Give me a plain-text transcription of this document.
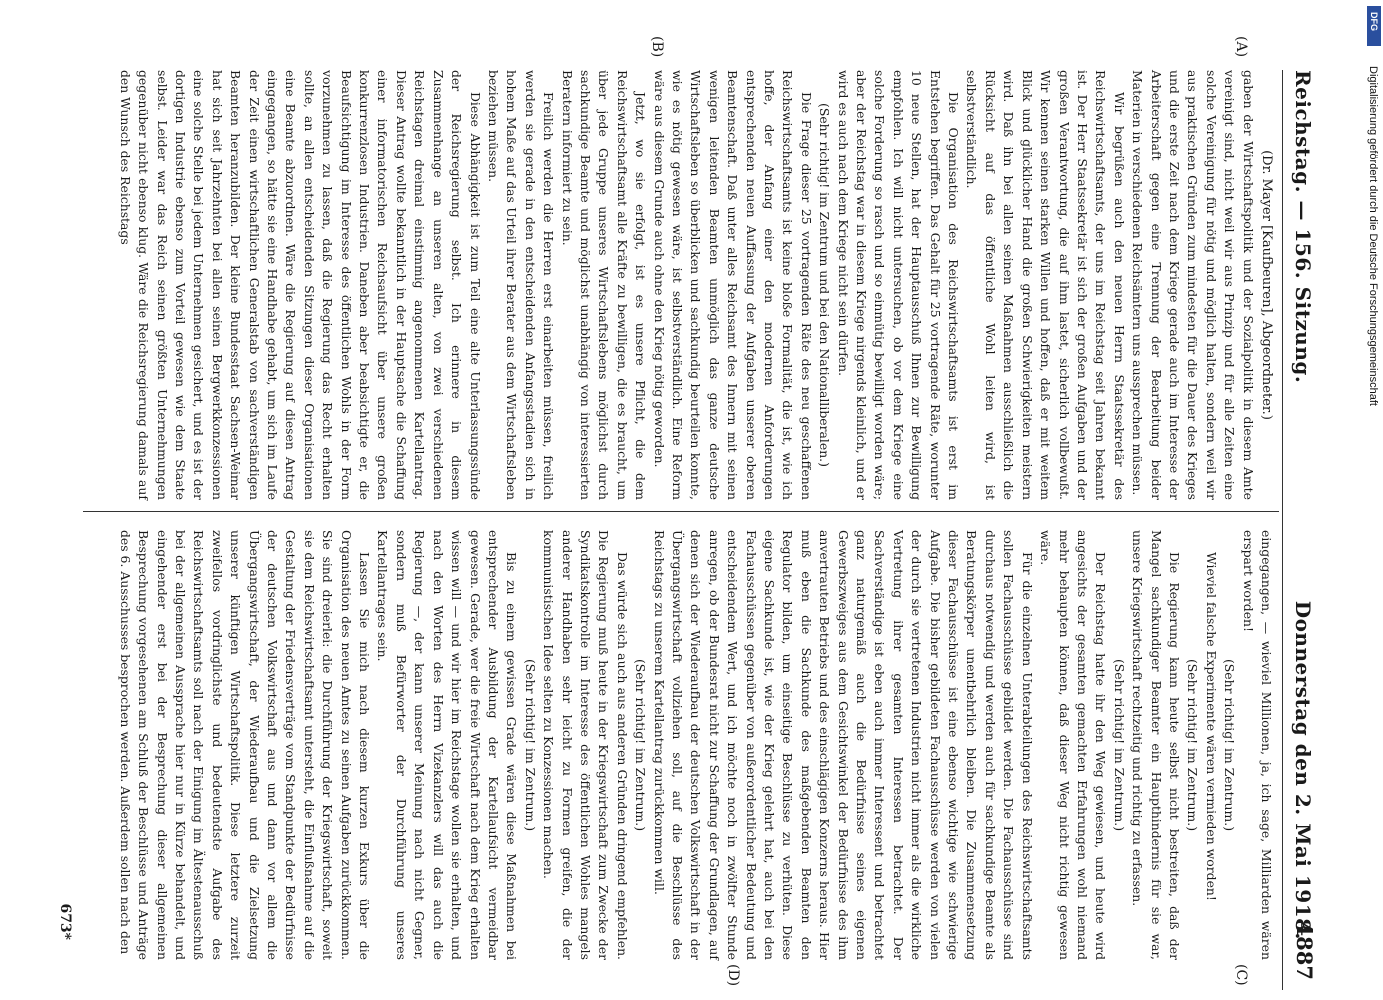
Reichstag. — 156. Sitzung.
Donnerstag den 2. Mai 1918.
4887
(A)
(B)
(C)
(D)

(Dr. Mayer [Kaufbeuren], Abgeordneter.)

gaben der Wirtschaftspolitik und der Sozialpolitik in diesem Amte vereinigt sind, nicht weil wir aus Prinzip und für alle Zeiten eine solche Vereinigung für nötig und möglich halten, sondern weil wir aus praktischen Gründen zum mindesten für die Dauer des Krieges und die erste Zeit nach dem Kriege gerade auch im Interesse der Arbeiterschaft gegen eine Trennung der Bearbeitung beider Materien in verschiedenen Reichsämtern uns aussprechen müssen.

Wir begrüßen auch den neuen Herrn Staatssekretär des Reichswirtschaftsamts, der uns im Reichstag seit Jahren bekannt ist. Der Herr Staatssekretär ist sich der großen Aufgaben und der großen Verantwortung, die auf ihm lastet, sicherlich vollbewußt. Wir kennen seinen starken Willen und hoffen, daß er mit weitem Blick und glücklicher Hand die großen Schwierigkeiten meistern wird. Daß ihn bei allen seinen Maßnahmen ausschließlich die Rücksicht auf das öffentliche Wohl leiten wird, ist selbstverständlich.

Die Organisation des Reichswirtschaftsamts ist erst im Entstehen begriffen. Das Gehalt für 25 vortragende Räte, worunter 10 neue Stellen, hat der Hauptausschuß Ihnen zur Bewilligung empfohlen. Ich will nicht untersuchen, ob vor dem Kriege eine solche Forderung so rasch und so einmütig bewilligt worden wäre; aber der Reichstag war in diesem Kriege nirgends kleinlich, und er wird es auch nach dem Kriege nicht sein dürfen.

(Sehr richtig! im Zentrum und bei den Nationalliberalen.)

Die Frage dieser 25 vortragenden Räte des neu geschaffenen Reichswirtschaftsamts ist keine bloße Formalität, die ist, wie ich hoffe, der Anfang einer den modernen Anforderungen entsprechenden neuen Auffassung der Aufgaben unserer oberen Beamtenschaft. Daß unter alles Reichsamt des Innern mit seinen wenigen leitenden Beamten unmöglich das ganze deutsche Wirtschaftsleben so überblicken und sachkundig beurteilen konnte, wie es nötig gewesen wäre, ist selbstverständlich. Eine Reform wäre aus diesem Grunde auch ohne den Krieg nötig geworden.

Jetzt, wo sie erfolgt, ist es unsere Pflicht, die dem Reichswirtschaftsamt alle Kräfte zu bewilligen, die es braucht, um über jede Gruppe unseres Wirtschaftslebens möglichst durch sachkundige Beamte und möglichst unabhängig von interessierten Beratern informiert zu sein.

Freilich werden die Herren erst einarbeiten müssen, freilich werden sie gerade in den entscheidenden Anfangsstadien sich in hohem Maße auf das Urteil ihrer Berater aus dem Wirtschaftsleben beziehen müssen.

Diese Abhängigkeit ist zum Teil eine alte Unterlassungssünde der Reichsregierung selbst. Ich erinnere in diesem Zusammenhange an unseren alten, von zwei verschiedenen Reichstagen dreimal einstimmig angenommenen Kartellantrag. Dieser Antrag wollte bekanntlich in der Hauptsache die Schaffung einer informatorischen Reichsaufsicht über unsere großen konkurrenzlosen Industrien. Daneben aber beabsichtigte er, die Beaufsichtigung im Interesse des öffentlichen Wohls in der Form vorzunehmen zu lassen, daß die Regierung das Recht erhalten sollte, an allen entscheidenden Sitzungen dieser Organisationen eine Beamte abzuordnen. Wäre die Regierung auf diesen Antrag eingegangen, so hätte sie eine Handhabe gehabt, um sich im Laufe der Zeit einen wirtschaftlichen Generalstab von sachverständigen Beamten heranzubilden. Der kleine Bundesstaat Sachsen-Weimar hat sich seit Jahrzehnten bei allen seinen Bergwerkkonzessionen eine solche Stelle bei jedem Unternehmen gesichert, und es ist der dortigen Industrie ebenso zum Vorteil gewesen wie dem Staate selbst. Leider war das Reich seinen größten Unternehmungen gegenüber nicht ebenso klug. Wäre die Reichsregierung damals auf den Wunsch des Reichstags

eingegangen, — wieviel Millionen, ja, ich sage, Milliarden wären erspart worden!

(Sehr richtig! im Zentrum.)

Wieviel falsche Experimente wären vermieden worden!

(Sehr richtig! im Zentrum.)

Die Regierung kann heute selbst nicht bestreiten, daß der Mangel sachkundiger Beamter ein Haupthindernis für sie war, unsere Kriegswirtschaft rechtzeitig und richtig zu erfassen.

(Sehr richtig! im Zentrum.)

Der Reichstag hatte ihr den Weg gewiesen, und heute wird angesichts der gesamten gemachten Erfahrungen wohl niemand mehr behaupten können, daß dieser Weg nicht richtig gewesen wäre.

Für die einzelnen Unterabteilungen des Reichswirtschaftsamts sollen Fachausschüsse gebildet werden. Die Fachausschüsse sind durchaus notwendig und werden auch für sachkundige Beamte als Beratungskörper unentbehrlich bleiben. Die Zusammensetzung dieser Fachausschüsse ist eine ebenso wichtige wie schwierige Aufgabe. Die bisher gebildeten Fachausschüsse werden von vielen der durch sie vertretenen Industrien nicht immer als die wirkliche Vertretung ihrer gesamten Interessen betrachtet. Der Sachverständige ist eben auch immer Interessent und betrachtet ganz naturgemäß auch die Bedürfnisse seines eigenen Gewerbszweiges aus dem Gesichtswinkel der Bedürfnisse des ihm anvertrauten Betriebs und des einschlägigen Konzerns heraus. Hier muß eben die Sachkunde des maßgebenden Beamten den Regulator bilden, um einseitige Beschlüsse zu verhüten. Diese eigene Sachkunde ist, wie der Krieg gelehrt hat, auch bei den Fachausschüssen gegenüber von außerordentlicher Bedeutung und entscheidendem Wert, und ich möchte noch in zwölfter Stunde anregen, ob der Bundesrat nicht zur Schaffung der Grundlagen, auf denen sich der Wiederaufbau der deutschen Volkswirtschaft in der Übergangswirtschaft vollziehen soll, auf die Beschlüsse des Reichstags zu unserem Kartellantrag zurückkommen will.

(Sehr richtig! im Zentrum.)

Das würde sich auch aus anderen Gründen dringend empfehlen. Die Regierung muß heute in der Kriegswirtschaft zum Zwecke der Syndikatskontrolle im Interesse des öffentlichen Wohles mangels anderer Handhaben sehr leicht zu Formen greifen, die der kommunistischen Idee selten zu Konzessionen machen.

(Sehr richtig! im Zentrum.)

Bis zu einem gewissen Grade wären diese Maßnahmen bei entsprechender Ausbildung der Kartellaufsicht vermeidbar gewesen. Gerade, wer die freie Wirtschaft nach dem Krieg erhalten wissen will — und wir hier im Reichstage wollen sie erhalten, und nach den Worten des Herrn Vizekanzlers will das auch die Regierung —, der kann unserer Meinung nach nicht Gegner, sondern muß Befürworter der Durchführung unseres Kartellantrages sein.

Lassen Sie mich nach diesem kurzen Exkurs über die Organisation des neuen Amtes zu seinen Aufgaben zurückkommen. Sie sind dreierlei: die Durchführung der Kriegswirtschaft, soweit sie dem Reichswirtschaftsamt untersteht, die Einflußnahme auf die Gestaltung der Friedensverträge vom Standpunkte der Bedürfnisse der deutschen Volkswirtschaft aus und dann vor allem die Übergangswirtschaft, der Wiederaufbau und die Zielsetzung unserer künftigen Wirtschaftspolitik. Diese letztere zurzeit zweifellos vordringlichste und bedeutendste Aufgabe des Reichswirtschaftsamts soll nach der Einigung im Ältestenausschuß bei der allgemeinen Aussprache hier nur in Kürze behandelt, und eingehender erst bei der Besprechung dieser allgemeinen Besprechung vorgesehenen am Schluß der Beschlüsse und Anträge des 6. Ausschusses besprochen werden. Außerdem sollen nach den

673*
DFG
Digitalisierung gefördert durch die Deutsche Forschungsgemeinschaft
